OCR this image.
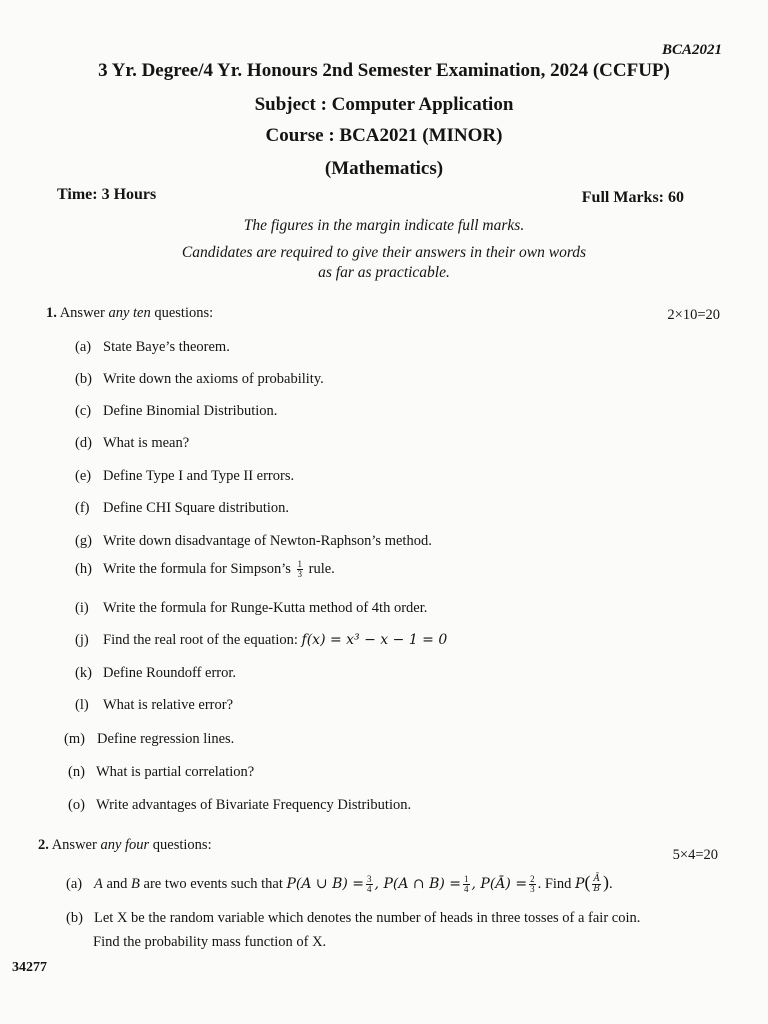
BCA2021
3 Yr. Degree/4 Yr. Honours 2nd Semester Examination, 2024 (CCFUP)
Subject : Computer Application
Course : BCA2021 (MINOR)
(Mathematics)
Time: 3 Hours	Full Marks: 60
The figures in the margin indicate full marks.
Candidates are required to give their answers in their own words
as far as practicable.
1. Answer any ten questions:	2×10=20
(a) State Baye’s theorem.
(b) Write down the axioms of probability.
(c) Define Binomial Distribution.
(d) What is mean?
(e) Define Type I and Type II errors.
(f) Define CHI Square distribution.
(g) Write down disadvantage of Newton-Raphson’s method.
(h) Write the formula for Simpson’s $\frac{1}{3}$ rule.
(i) Write the formula for Runge-Kutta method of 4th order.
(j) Find the real root of the equation: f(x) = x³ − x − 1 = 0
(k) Define Roundoff error.
(l) What is relative error?
(m) Define regression lines.
(n) What is partial correlation?
(o) Write advantages of Bivariate Frequency Distribution.
2. Answer any four questions:
5×4=20
(a) A and B are two events such that P(A ∪ $B) = \frac{3}{4}$ , P(A ∩ $B) = \frac{1}{4}$ , P(Ā) = $\frac{2}{3}$ . Find $P( \frac{Ā}{B}$ ).
(b) Let X be the random variable which denotes the number of heads in three tosses of a fair coin.
Find the probability mass function of X.
34277
